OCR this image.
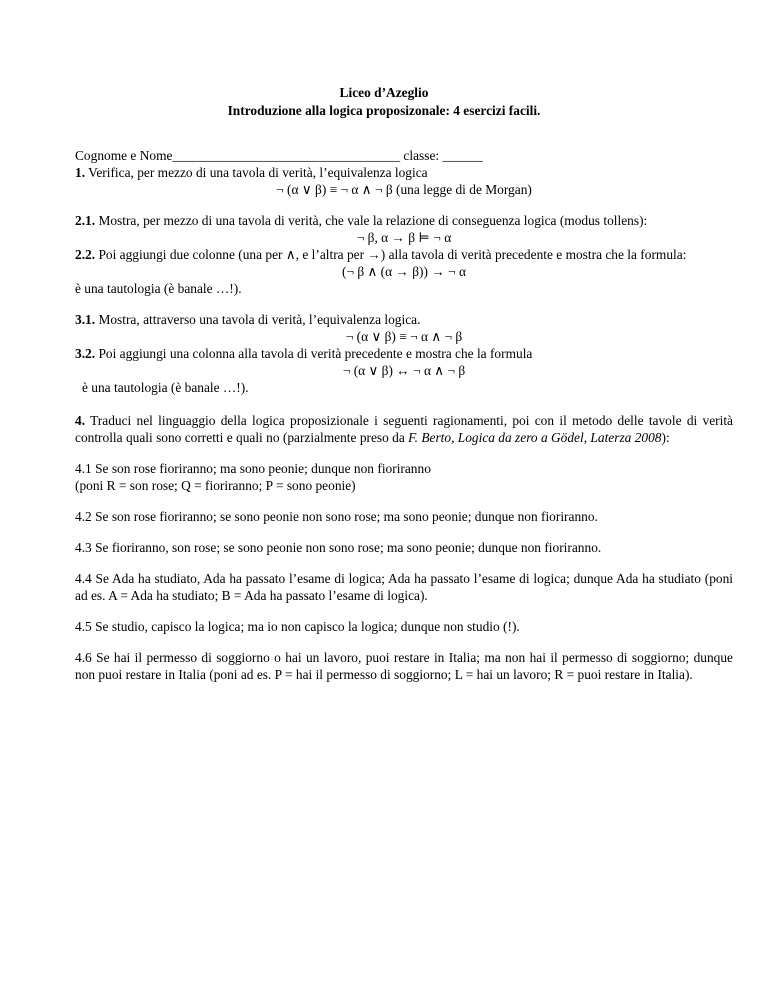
Liceo d’Azeglio
Introduzione alla logica proposizonale: 4 esercizi facili.

Cognome e Nome__________________________________ classe: ______

1. Verifica, per mezzo di una tavola di verità, l’equivalenza logica

¬ (α ∨ β) ≡ ¬ α ∧ ¬ β (una legge di de Morgan)

2.1. Mostra, per mezzo di una tavola di verità, che vale la relazione di conseguenza logica (modus tollens):

¬ β, α → β ⊨ ¬ α

2.2. Poi aggiungi due colonne (una per ∧, e l’altra per →) alla tavola di verità precedente e mostra che la formula:

(¬ β ∧ (α → β)) → ¬ α

è una tautologia (è banale …!).

3.1. Mostra, attraverso una tavola di verità, l’equivalenza logica.

¬ (α ∨ β) ≡ ¬ α ∧ ¬ β

3.2. Poi aggiungi una colonna alla tavola di verità precedente e mostra che la formula

¬ (α ∨ β) ↔ ¬ α ∧ ¬ β

è una tautologia (è banale …!).

4. Traduci nel linguaggio della logica proposizionale i seguenti ragionamenti, poi con il metodo delle tavole di verità controlla quali sono corretti e quali no (parzialmente preso da F. Berto, Logica da zero a Gödel, Laterza 2008):

4.1 Se son rose fioriranno; ma sono peonie; dunque non fioriranno

(poni R = son rose; Q = fioriranno; P = sono peonie)

4.2 Se son rose fioriranno; se sono peonie non sono rose; ma sono peonie; dunque non fioriranno.

4.3 Se fioriranno, son rose; se sono peonie non sono rose; ma sono peonie; dunque non fioriranno.

4.4 Se Ada ha studiato, Ada ha passato l’esame di logica; Ada ha passato l’esame di logica; dunque Ada ha studiato (poni ad es. A = Ada ha studiato; B = Ada ha passato l’esame di logica).

4.5 Se studio, capisco la logica; ma io non capisco la logica; dunque non studio (!).

4.6 Se hai il permesso di soggiorno o hai un lavoro, puoi restare in Italia; ma non hai il permesso di soggiorno; dunque non puoi restare in Italia (poni ad es. P = hai il permesso di soggiorno; L = hai un lavoro; R = puoi restare in Italia).
